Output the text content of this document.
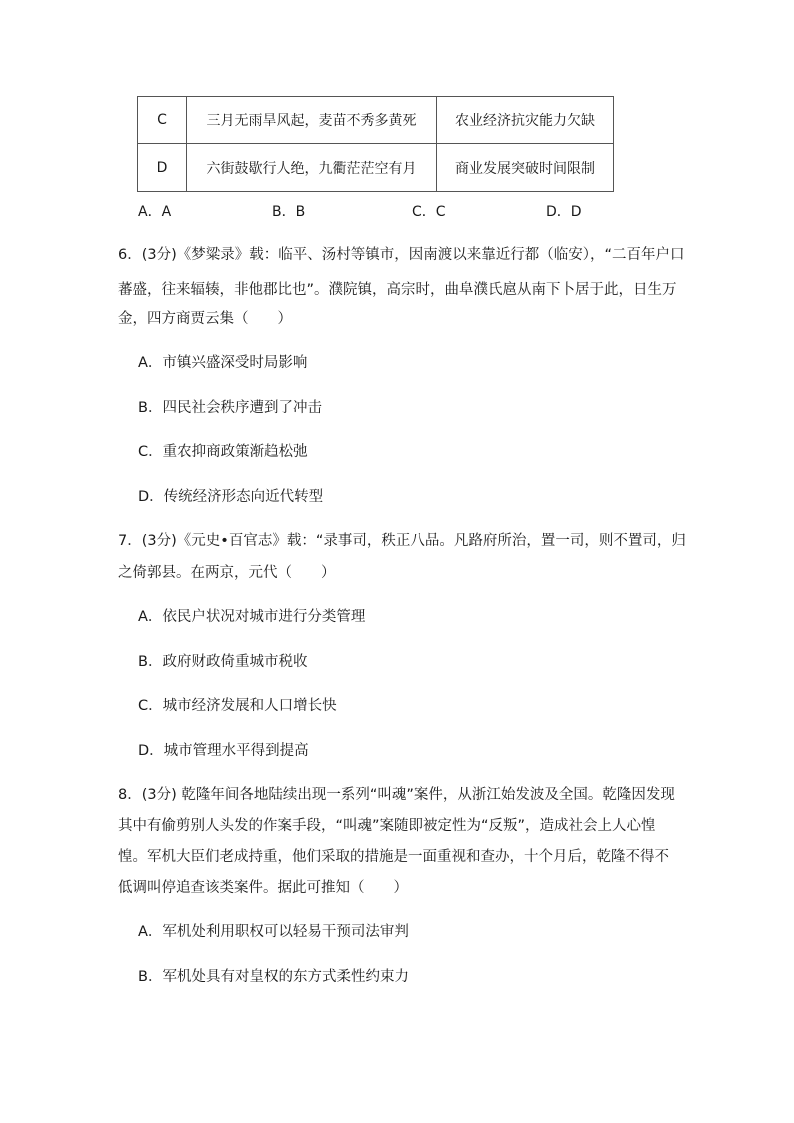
C	三月无雨旱风起，麦苗不秀多黄死	农业经济抗灾能力欠缺
D	六街鼓歇行人绝，九衢茫茫空有月	商业发展突破时间限制
A．A	B．B	C．C	D．D
6．(3分)《梦粱录》载：临平、汤村等镇市，因南渡以来靠近行都（临安），“二百年户口
蕃盛，往来辐辏，非他郡比也”。濮院镇，高宗时，曲阜濮氏扈从南下卜居于此，日生万
金，四方商贾云集（　　）
A．市镇兴盛深受时局影响
B．四民社会秩序遭到了冲击
C．重农抑商政策渐趋松弛
D．传统经济形态向近代转型
7．(3分)《元史•百官志》载：“录事司，秩正八品。凡路府所治，置一司，则不置司，归
之倚郭县。在两京，元代（　　）
A．依民户状况对城市进行分类管理
B．政府财政倚重城市税收
C．城市经济发展和人口增长快
D．城市管理水平得到提高
8．(3分) 乾隆年间各地陆续出现一系列“叫魂”案件，从浙江始发波及全国。乾隆因发现
其中有偷剪别人头发的作案手段，“叫魂”案随即被定性为“反叛”，造成社会上人心惶
惶。军机大臣们老成持重，他们采取的措施是一面重视和查办，十个月后，乾隆不得不
低调叫停追查该类案件。据此可推知（　　）
A．军机处利用职权可以轻易干预司法审判
B．军机处具有对皇权的东方式柔性约束力
